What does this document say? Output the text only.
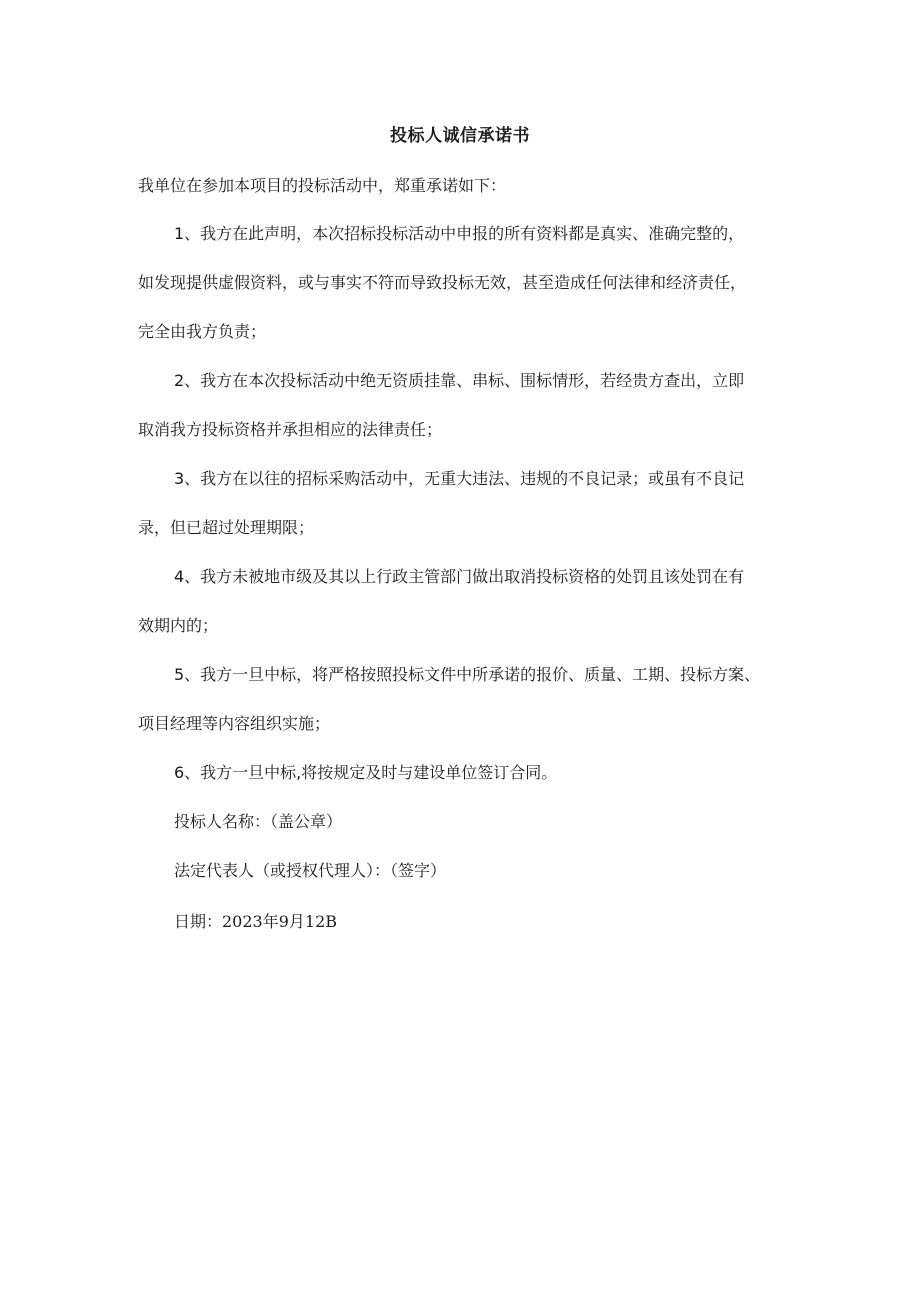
投标人诚信承诺书
我单位在参加本项目的投标活动中，郑重承诺如下：
1、我方在此声明，本次招标投标活动中申报的所有资料都是真实、准确完整的，
如发现提供虚假资料，或与事实不符而导致投标无效，甚至造成任何法律和经济责任，
完全由我方负责；
2、我方在本次投标活动中绝无资质挂靠、串标、围标情形，若经贵方查出，立即
取消我方投标资格并承担相应的法律责任；
3、我方在以往的招标采购活动中，无重大违法、违规的不良记录；或虽有不良记
录，但已超过处理期限；
4、我方未被地市级及其以上行政主管部门做出取消投标资格的处罚且该处罚在有
效期内的；
5、我方一旦中标，将严格按照投标文件中所承诺的报价、质量、工期、投标方案、
项目经理等内容组织实施；
6、我方一旦中标,将按规定及时与建设单位签订合同。
投标人名称：（盖公章）
法定代表人（或授权代理人）：（签字）
日期：2023年9月12B
